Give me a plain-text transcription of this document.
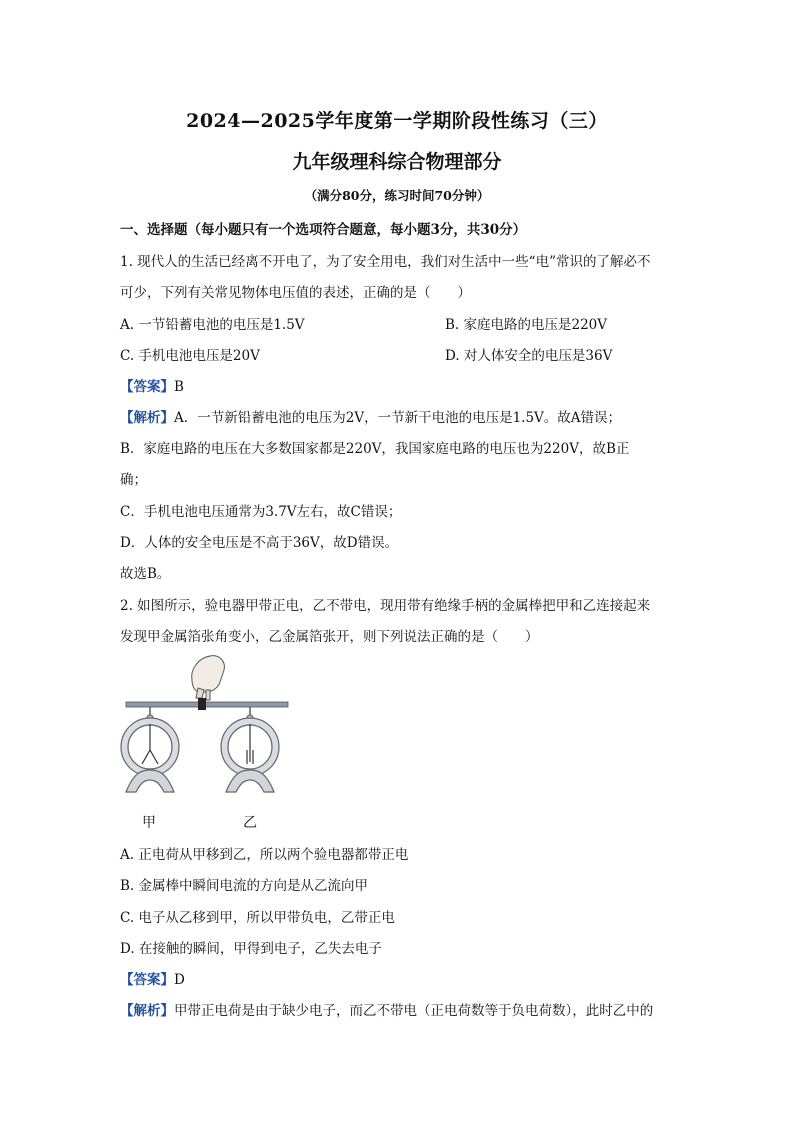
2024—2025学年度第一学期阶段性练习（三）
九年级理科综合物理部分
（满分80分，练习时间70分钟）
一、选择题（每小题只有一个选项符合题意，每小题3分，共30分）
1. 现代人的生活已经离不开电了，为了安全用电，我们对生活中一些“电”常识的了解必不
可少，下列有关常见物体电压值的表述，正确的是（　　）
A. 一节铅蓄电池的电压是1.5V	B. 家庭电路的电压是220V
C. 手机电池电压是20V	D. 对人体安全的电压是36V
【答案】B
【解析】A．一节新铅蓄电池的电压为2V，一节新干电池的电压是1.5V。故A错误；
B．家庭电路的电压在大多数国家都是220V，我国家庭电路的电压也为220V，故B正
确；
C．手机电池电压通常为3.7V左右，故C错误；
D．人体的安全电压是不高于36V，故D错误。
故选B。
2. 如图所示，验电器甲带正电，乙不带电，现用带有绝缘手柄的金属棒把甲和乙连接起来
发现甲金属箔张角变小，乙金属箔张开，则下列说法正确的是（　　）
甲	乙
A. 正电荷从甲移到乙，所以两个验电器都带正电
B. 金属棒中瞬间电流的方向是从乙流向甲
C. 电子从乙移到甲，所以甲带负电，乙带正电
D. 在接触的瞬间，甲得到电子，乙失去电子
【答案】D
【解析】甲带正电荷是由于缺少电子，而乙不带电（正电荷数等于负电荷数），此时乙中的
